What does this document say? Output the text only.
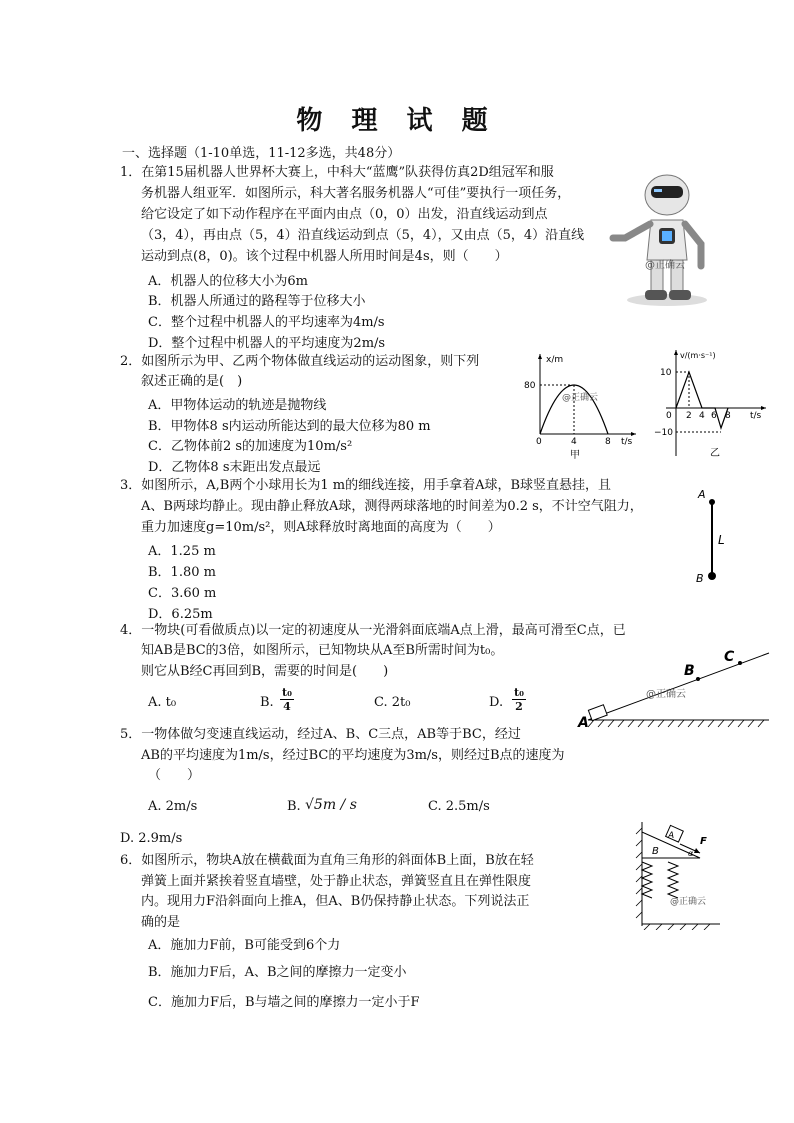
物 理 试 题
一、选择题（1-10单选，11-12多选，共48分）
1．在第15届机器人世界杯大赛上，中科大“蓝鹰”队获得仿真2D组冠军和服
务机器人组亚军．如图所示，科大著名服务机器人“可佳”要执行一项任务，
给它设定了如下动作程序在平面内由点（0，0）出发，沿直线运动到点
（3，4），再由点（5，4）沿直线运动到点（5，4），又由点（5，4）沿直线
运动到点(8，0)。该个过程中机器人所用时间是4s，则（　　）
A．机器人的位移大小为6m
B．机器人所通过的路程等于位移大小
C．整个过程中机器人的平均速率为4m/s
D．整个过程中机器人的平均速度为2m/s
@正确云
2．如图所示为甲、乙两个物体做直线运动的运动图象，则下列
叙述正确的是(　)
A．甲物体运动的轨迹是抛物线
B．甲物体8 s内运动所能达到的最大位移为80 m
C．乙物体前2 s的加速度为10m/s²
D．乙物体8 s末距出发点最远
x/m
t/s
80
0	4	8
甲
@正确云
v/(m·s⁻¹)
t/s
10
0
−10
2 4 6 8
乙
3．如图所示，A,B两个小球用长为1 m的细线连接，用手拿着A球，B球竖直悬挂，且
A、B两球均静止。现由静止释放A球，测得两球落地的时间差为0.2 s，不计空气阻力，
重力加速度g=10m/s²，则A球释放时离地面的高度为（　　）
A．1.25 m
B．1.80 m
C．3.60 m
D．6.25m
A
B
L
4．一物块(可看做质点)以一定的初速度从一光滑斜面底端A点上滑，最高可滑至C点，已
知AB是BC的3倍，如图所示，已知物块从A至B所需时间为t₀。
则它从B经C再回到B，需要的时间是(　　)
A. t₀	B. $\frac{\text{t₀}}{4}$	C. 2t₀	D. $\frac{\text{t₀}}{2}$
A
B
C
@正确云
5．一物体做匀变速直线运动，经过A、B、C三点，AB等于BC，经过
AB的平均速度为1m/s，经过BC的平均速度为3m/s，则经过B点的速度为
（　　）
A. 2m/s	B. √5m / s	C. 2.5m/s
D. 2.9m/s
6．如图所示，物块A放在横截面为直角三角形的斜面体B上面，B放在轻
弹簧上面并紧挨着竖直墙壁，处于静止状态，弹簧竖直且在弹性限度
内。现用力F沿斜面向上推A，但A、B仍保持静止状态。下列说法正
确的是
A．施加力F前，B可能受到6个力
B．施加力F后，A、B之间的摩擦力一定变小
C．施加力F后，B与墙之间的摩擦力一定小于F
B
A	F
α
@正确云
